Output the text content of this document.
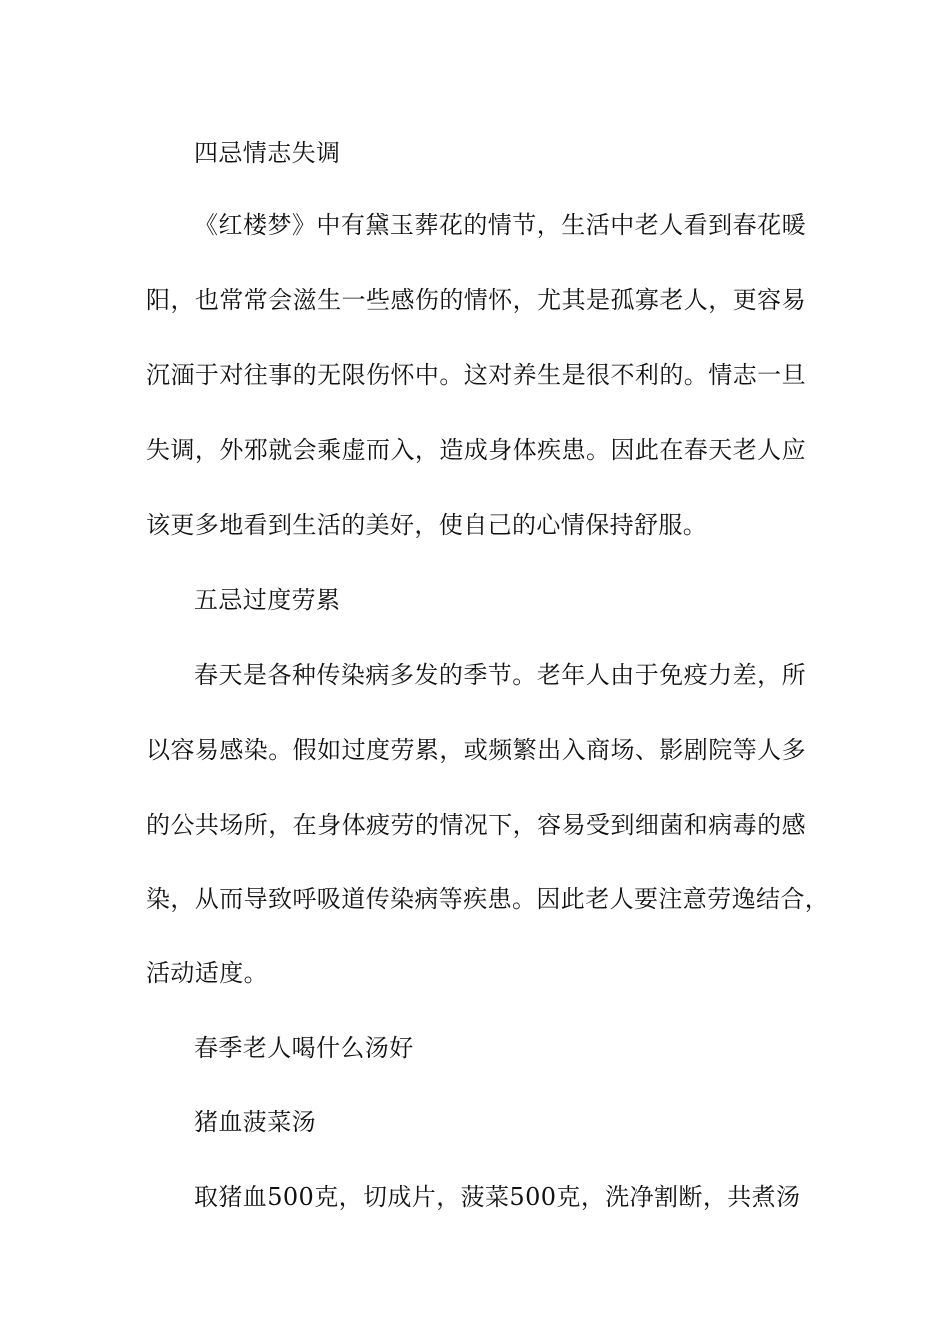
四忌情志失调
《红楼梦》中有黛玉葬花的情节，生活中老人看到春花暖
阳，也常常会滋生一些感伤的情怀，尤其是孤寡老人，更容易
沉湎于对往事的无限伤怀中。这对养生是很不利的。情志一旦
失调，外邪就会乘虚而入，造成身体疾患。因此在春天老人应
该更多地看到生活的美好，使自己的心情保持舒服。
五忌过度劳累
春天是各种传染病多发的季节。老年人由于免疫力差，所
以容易感染。假如过度劳累，或频繁出入商场、影剧院等人多
的公共场所，在身体疲劳的情况下，容易受到细菌和病毒的感
染，从而导致呼吸道传染病等疾患。因此老人要注意劳逸结合，
活动适度。
春季老人喝什么汤好
猪血菠菜汤
取猪血500克，切成片，菠菜500克，洗净割断，共煮汤
